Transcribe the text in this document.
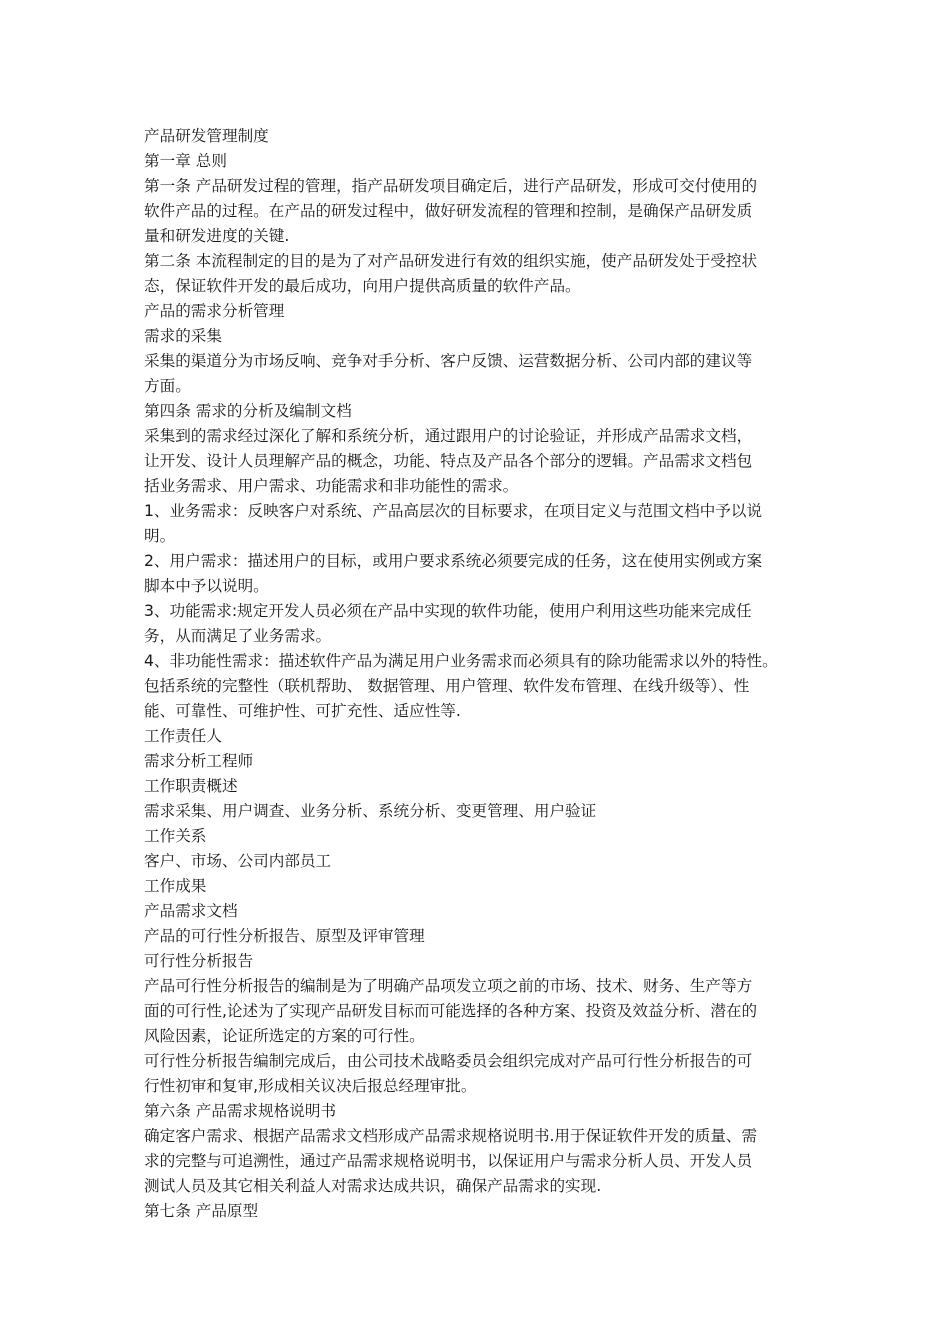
产品研发管理制度
第一章 总则
第一条 产品研发过程的管理，指产品研发项目确定后，进行产品研发，形成可交付使用的
软件产品的过程。在产品的研发过程中，做好研发流程的管理和控制，是确保产品研发质
量和研发进度的关键.
第二条 本流程制定的目的是为了对产品研发进行有效的组织实施，使产品研发处于受控状
态，保证软件开发的最后成功，向用户提供高质量的软件产品。
产品的需求分析管理
需求的采集
采集的渠道分为市场反响、竞争对手分析、客户反馈、运营数据分析、公司内部的建议等
方面。
第四条 需求的分析及编制文档
采集到的需求经过深化了解和系统分析，通过跟用户的讨论验证，并形成产品需求文档，
让开发、设计人员理解产品的概念，功能、特点及产品各个部分的逻辑。产品需求文档包
括业务需求、用户需求、功能需求和非功能性的需求。
1、业务需求：反映客户对系统、产品高层次的目标要求，在项目定义与范围文档中予以说
明。
2、用户需求：描述用户的目标，或用户要求系统必须要完成的任务，这在使用实例或方案
脚本中予以说明。
3、功能需求:规定开发人员必须在产品中实现的软件功能，使用户利用这些功能来完成任
务，从而满足了业务需求。
4、非功能性需求：描述软件产品为满足用户业务需求而必须具有的除功能需求以外的特性。
包括系统的完整性（联机帮助、 数据管理、用户管理、软件发布管理、在线升级等）、性
能、可靠性、可维护性、可扩充性、适应性等.
工作责任人
需求分析工程师
工作职责概述
需求采集、用户调查、业务分析、系统分析、变更管理、用户验证
工作关系
客户、市场、公司内部员工
工作成果
产品需求文档
产品的可行性分析报告、原型及评审管理
可行性分析报告
产品可行性分析报告的编制是为了明确产品项发立项之前的市场、技术、财务、生产等方
面的可行性,论述为了实现产品研发目标而可能选择的各种方案、投资及效益分析、潜在的
风险因素，论证所选定的方案的可行性。
可行性分析报告编制完成后，由公司技术战略委员会组织完成对产品可行性分析报告的可
行性初审和复审,形成相关议决后报总经理审批。
第六条 产品需求规格说明书
确定客户需求、根据产品需求文档形成产品需求规格说明书.用于保证软件开发的质量、需
求的完整与可追溯性，通过产品需求规格说明书，以保证用户与需求分析人员、开发人员
测试人员及其它相关利益人对需求达成共识，确保产品需求的实现.
第七条 产品原型
